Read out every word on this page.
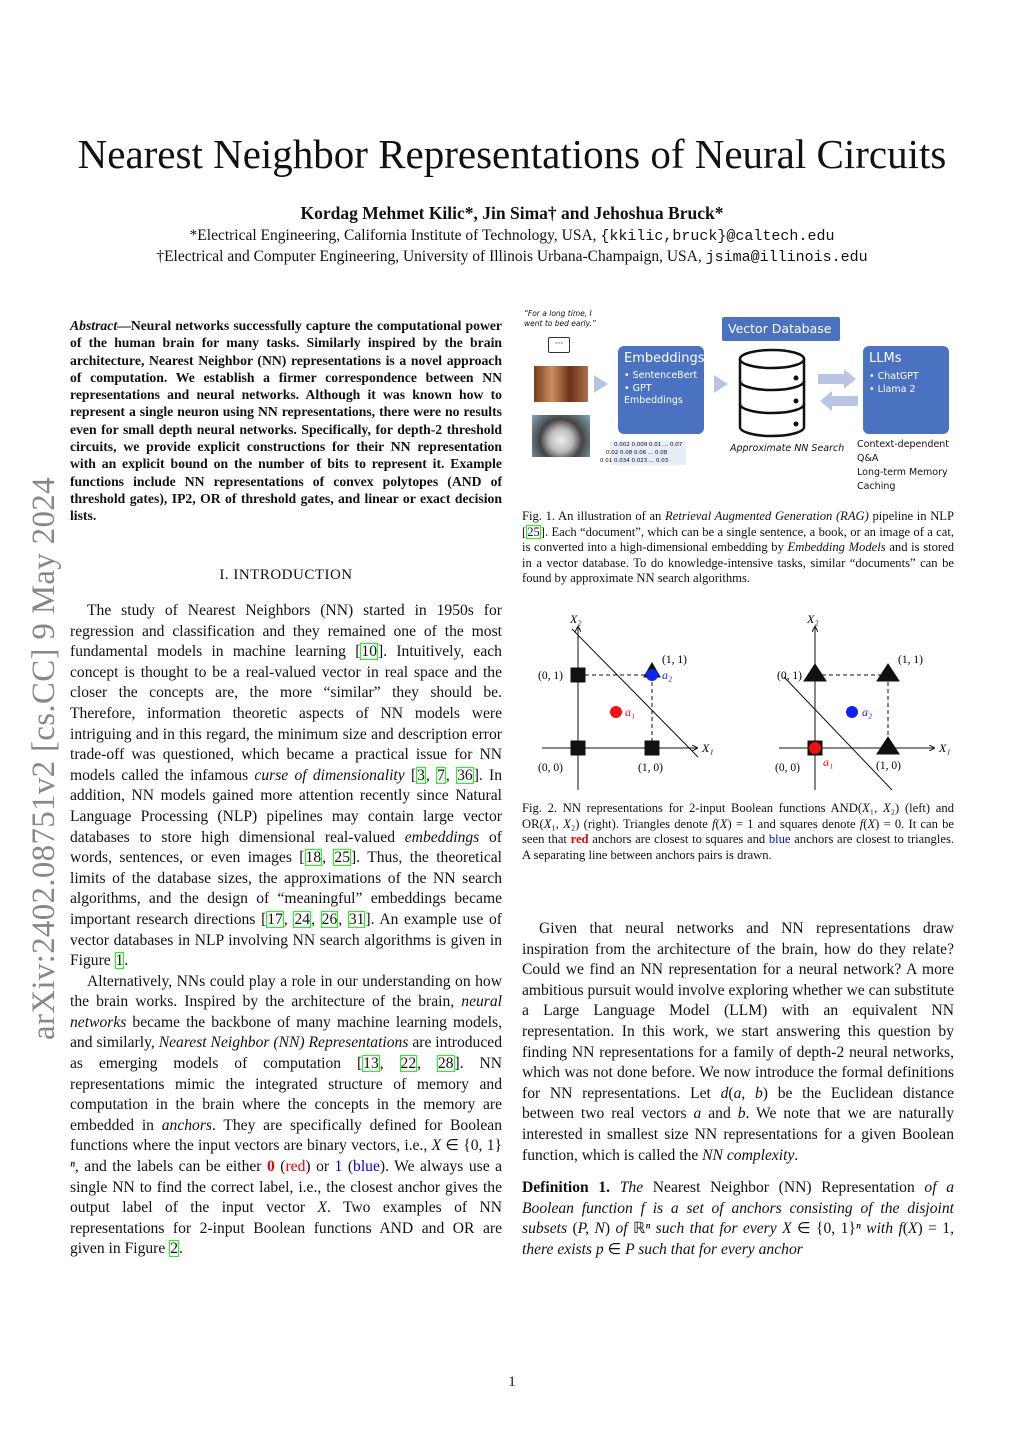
arXiv:2402.08751v2 [cs.CC] 9 May 2024
Nearest Neighbor Representations of Neural Circuits
Kordag Mehmet Kilic*, Jin Sima† and Jehoshua Bruck*
*Electrical Engineering, California Institute of Technology, USA, {kkilic,bruck}@caltech.edu
†Electrical and Computer Engineering, University of Illinois Urbana-Champaign, USA, jsima@illinois.edu
Abstract—Neural networks successfully capture the computational power of the human brain for many tasks. Similarly inspired by the brain architecture, Nearest Neighbor (NN) representations is a novel approach of computation. We establish a firmer correspondence between NN representations and neural networks. Although it was known how to represent a single neuron using NN representations, there were no results even for small depth neural networks. Specifically, for depth-2 threshold circuits, we provide explicit constructions for their NN representation with an explicit bound on the number of bits to represent it. Example functions include NN representations of convex polytopes (AND of threshold gates), IP2, OR of threshold gates, and linear or exact decision lists.
I. INTRODUCTION

The study of Nearest Neighbors (NN) started in 1950s for regression and classification and they remained one of the most fundamental models in machine learning [10]. Intuitively, each concept is thought to be a real-valued vector in real space and the closer the concepts are, the more “similar” they should be. Therefore, information theoretic aspects of NN models were intriguing and in this regard, the minimum size and description error trade-off was questioned, which became a practical issue for NN models called the infamous curse of dimensionality [3, 7, 36]. In addition, NN models gained more attention recently since Natural Language Processing (NLP) pipelines may contain large vector databases to store high dimensional real-valued embeddings of words, sentences, or even images [18, 25]. Thus, the theoretical limits of the database sizes, the approximations of the NN search algorithms, and the design of “meaningful” embeddings became important research directions [17, 24, 26, 31]. An example use of vector databases in NLP involving NN search algorithms is given in Figure 1.

Alternatively, NNs could play a role in our understanding on how the brain works. Inspired by the architecture of the brain, neural networks became the backbone of many machine learning models, and similarly, Nearest Neighbor (NN) Representations are introduced as emerging models of computation [13, 22, 28]. NN representations mimic the integrated structure of memory and computation in the brain where the concepts in the memory are embedded in anchors. They are specifically defined for Boolean functions where the input vectors are binary vectors, i.e., X ∈ {0, 1}ⁿ, and the labels can be either 0 (red) or 1 (blue). We always use a single NN to find the correct label, i.e., the closest anchor gives the output label of the input vector X. Two examples of NN representations for 2-input Boolean functions AND and OR are given in Figure 2.

“For a long time, I went to bed early.”
···
Embeddings
• SentenceBert
• GPT Embeddings
0.002 0.009 0.01 ... 0.07
0.02 0.08 0.06 ... 0.08
0.01 0.034 0.023 ... 0.03
Vector Database
Approximate NN Search
LLMs
• ChatGPT
• Llama 2
Context-dependent Q&A
Long-term Memory
Caching
Fig. 1. An illustration of an Retrieval Augmented Generation (RAG) pipeline in NLP [25]. Each “document”, which can be a single sentence, a book, or an image of a cat, is converted into a high-dimensional embedding by Embedding Models and is stored in a vector database. To do knowledge-intensive tasks, similar “documents” can be found by approximate NN search algorithms.
X₂
X₁
X₂
X₁
a₁
a₂
a₂
a₁
(0, 1)
(1, 1)
(0, 0)	(1, 0)
(0, 1)
(1, 1)
(0, 0)	(1, 0)
Fig. 2. NN representations for 2-input Boolean functions AND(X₁, X₂) (left) and OR(X₁, X₂) (right). Triangles denote f(X) = 1 and squares denote f(X) = 0. It can be seen that red anchors are closest to squares and blue anchors are closest to triangles. A separating line between anchors pairs is drawn.

Given that neural networks and NN representations draw inspiration from the architecture of the brain, how do they relate? Could we find an NN representation for a neural network? A more ambitious pursuit would involve exploring whether we can substitute a Large Language Model (LLM) with an equivalent NN representation. In this work, we start answering this question by finding NN representations for a family of depth-2 neural networks, which was not done before. We now introduce the formal definitions for NN representations. Let d(a, b) be the Euclidean distance between two real vectors a and b. We note that we are naturally interested in smallest size NN representations for a given Boolean function, which is called the NN complexity.

Definition 1. The Nearest Neighbor (NN) Representation of a Boolean function f is a set of anchors consisting of the disjoint subsets (P, N) of ℝⁿ such that for every X ∈ {0, 1}ⁿ with f(X) = 1, there exists p ∈ P such that for every anchor

1
